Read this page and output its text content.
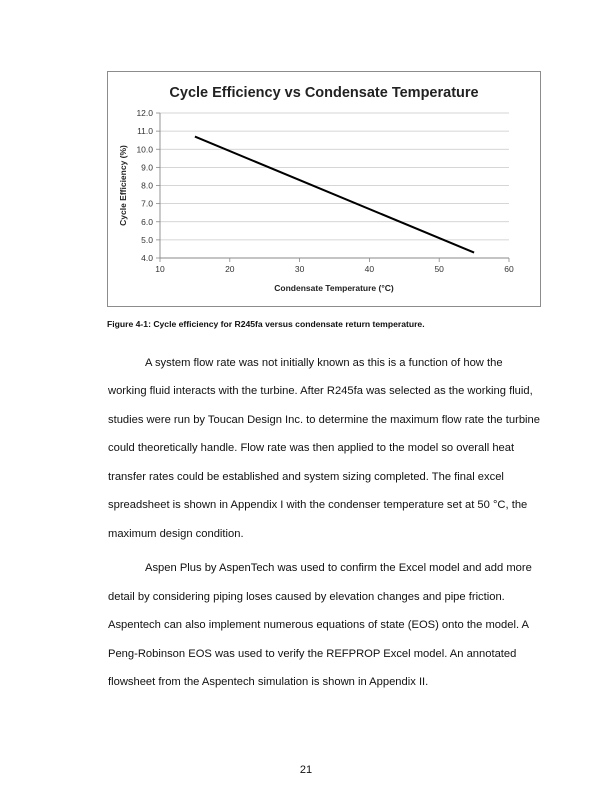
4.0
5.0
6.0
7.0
8.0
9.0
10.0
11.0
12.0
10	20	30	40	50	60
Cycle Efficiency vs Condensate Temperature
Condensate Temperature (°C)
Cycle Efficiency (%)
Figure 4-1: Cycle efficiency for R245fa versus condensate return temperature.
A system flow rate was not initially known as this is a function of how the
working fluid interacts with the turbine. After R245fa was selected as the working fluid,
studies were run by Toucan Design Inc. to determine the maximum flow rate the turbine
could theoretically handle. Flow rate was then applied to the model so overall heat
transfer rates could be established and system sizing completed. The final excel
spreadsheet is shown in Appendix I with the condenser temperature set at 50 °C, the
maximum design condition.
Aspen Plus by AspenTech was used to confirm the Excel model and add more
detail by considering piping loses caused by elevation changes and pipe friction.
Aspentech can also implement numerous equations of state (EOS) onto the model. A
Peng-Robinson EOS was used to verify the REFPROP Excel model. An annotated
flowsheet from the Aspentech simulation is shown in Appendix II.
21
